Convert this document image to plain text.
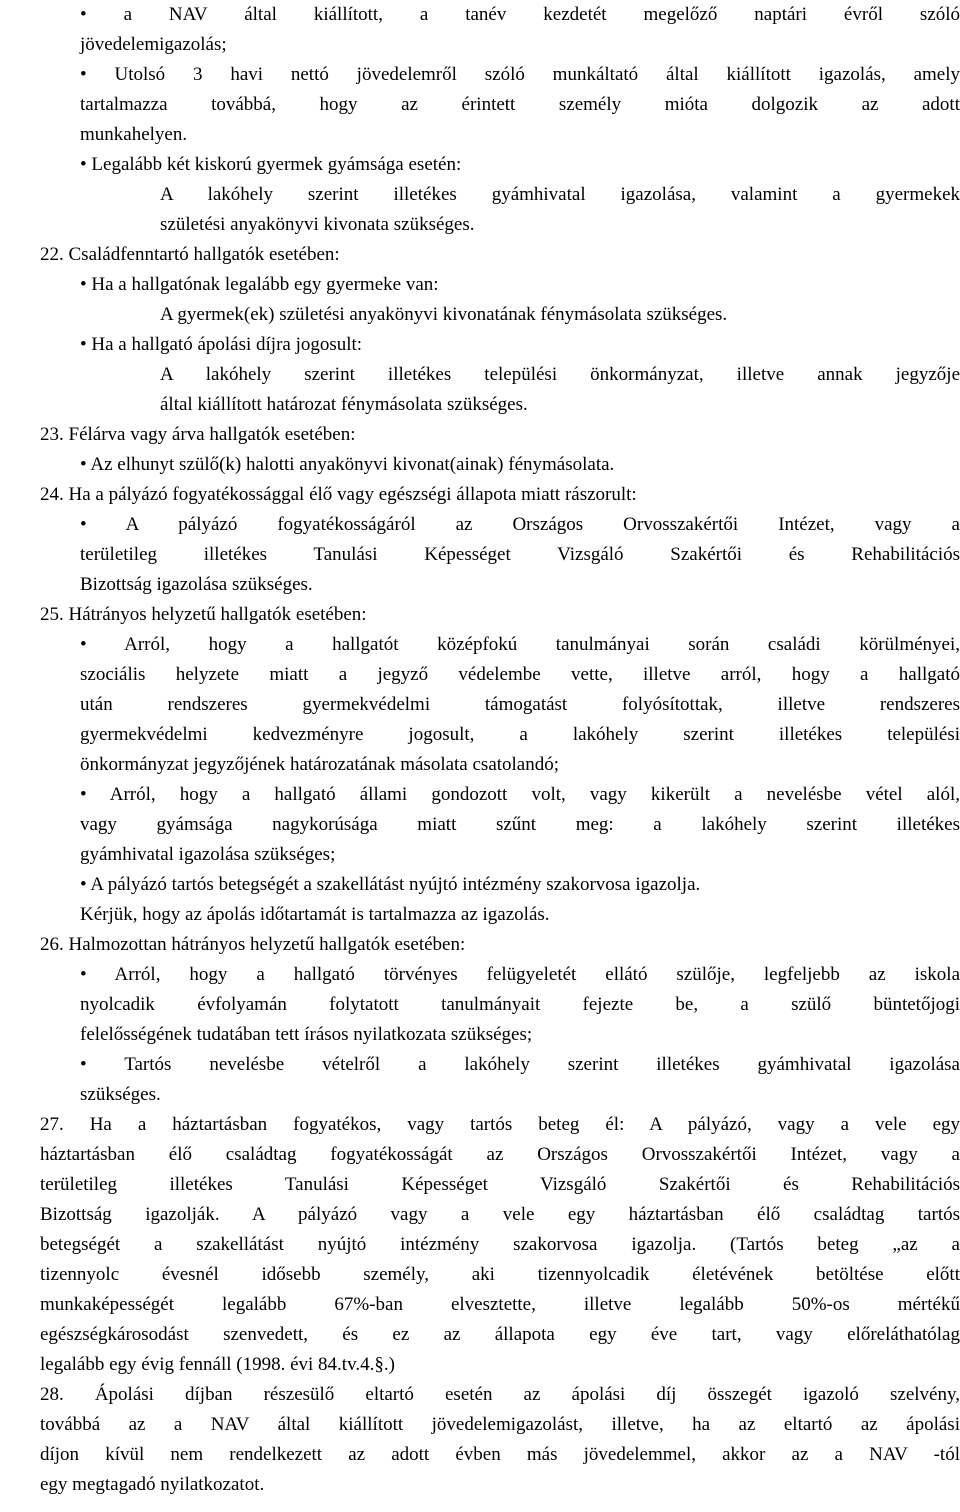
• a NAV által kiállított, a tanév kezdetét megelőző naptári évről szóló
jövedelemigazolás;
• Utolsó 3 havi nettó jövedelemről szóló munkáltató által kiállított igazolás, amely
tartalmazza továbbá, hogy az érintett személy mióta dolgozik az adott
munkahelyen.
• Legalább két kiskorú gyermek gyámsága esetén:
A lakóhely szerint illetékes gyámhivatal igazolása, valamint a gyermekek
születési anyakönyvi kivonata szükséges.
22. Családfenntartó hallgatók esetében:
• Ha a hallgatónak legalább egy gyermeke van:
A gyermek(ek) születési anyakönyvi kivonatának fénymásolata szükséges.
• Ha a hallgató ápolási díjra jogosult:
A lakóhely szerint illetékes települési önkormányzat, illetve annak jegyzője
által kiállított határozat fénymásolata szükséges.
23. Félárva vagy árva hallgatók esetében:
• Az elhunyt szülő(k) halotti anyakönyvi kivonat(ainak) fénymásolata.
24. Ha a pályázó fogyatékossággal élő vagy egészségi állapota miatt rászorult:
• A pályázó fogyatékosságáról az Országos Orvosszakértői Intézet, vagy a
területileg illetékes Tanulási Képességet Vizsgáló Szakértői és Rehabilitációs
Bizottság igazolása szükséges.
25. Hátrányos helyzetű hallgatók esetében:
• Arról, hogy a hallgatót középfokú tanulmányai során családi körülményei,
szociális helyzete miatt a jegyző védelembe vette, illetve arról, hogy a hallgató
után rendszeres gyermekvédelmi támogatást folyósítottak, illetve rendszeres
gyermekvédelmi kedvezményre jogosult, a lakóhely szerint illetékes települési
önkormányzat jegyzőjének határozatának másolata csatolandó;
• Arról, hogy a hallgató állami gondozott volt, vagy kikerült a nevelésbe vétel alól,
vagy gyámsága nagykorúsága miatt szűnt meg: a lakóhely szerint illetékes
gyámhivatal igazolása szükséges;
• A pályázó tartós betegségét a szakellátást nyújtó intézmény szakorvosa igazolja.
Kérjük, hogy az ápolás időtartamát is tartalmazza az igazolás.
26. Halmozottan hátrányos helyzetű hallgatók esetében:
• Arról, hogy a hallgató törvényes felügyeletét ellátó szülője, legfeljebb az iskola
nyolcadik évfolyamán folytatott tanulmányait fejezte be, a szülő büntetőjogi
felelősségének tudatában tett írásos nyilatkozata szükséges;
• Tartós nevelésbe vételről a lakóhely szerint illetékes gyámhivatal igazolása
szükséges.
27. Ha a háztartásban fogyatékos, vagy tartós beteg él: A pályázó, vagy a vele egy
háztartásban élő családtag fogyatékosságát az Országos Orvosszakértői Intézet, vagy a
területileg illetékes Tanulási Képességet Vizsgáló Szakértői és Rehabilitációs
Bizottság igazolják. A pályázó vagy a vele egy háztartásban élő családtag tartós
betegségét a szakellátást nyújtó intézmény szakorvosa igazolja. (Tartós beteg „az a
tizennyolc évesnél idősebb személy, aki tizennyolcadik életévének betöltése előtt
munkaképességét legalább 67%-ban elvesztette, illetve legalább 50%-os mértékű
egészségkárosodást szenvedett, és ez az állapota egy éve tart, vagy előreláthatólag
legalább egy évig fennáll (1998. évi 84.tv.4.§.)
28. Ápolási díjban részesülő eltartó esetén az ápolási díj összegét igazoló szelvény,
továbbá az a NAV által kiállított jövedelemigazolást, illetve, ha az eltartó az ápolási
díjon kívül nem rendelkezett az adott évben más jövedelemmel, akkor az a NAV -tól
egy megtagadó nyilatkozatot.
